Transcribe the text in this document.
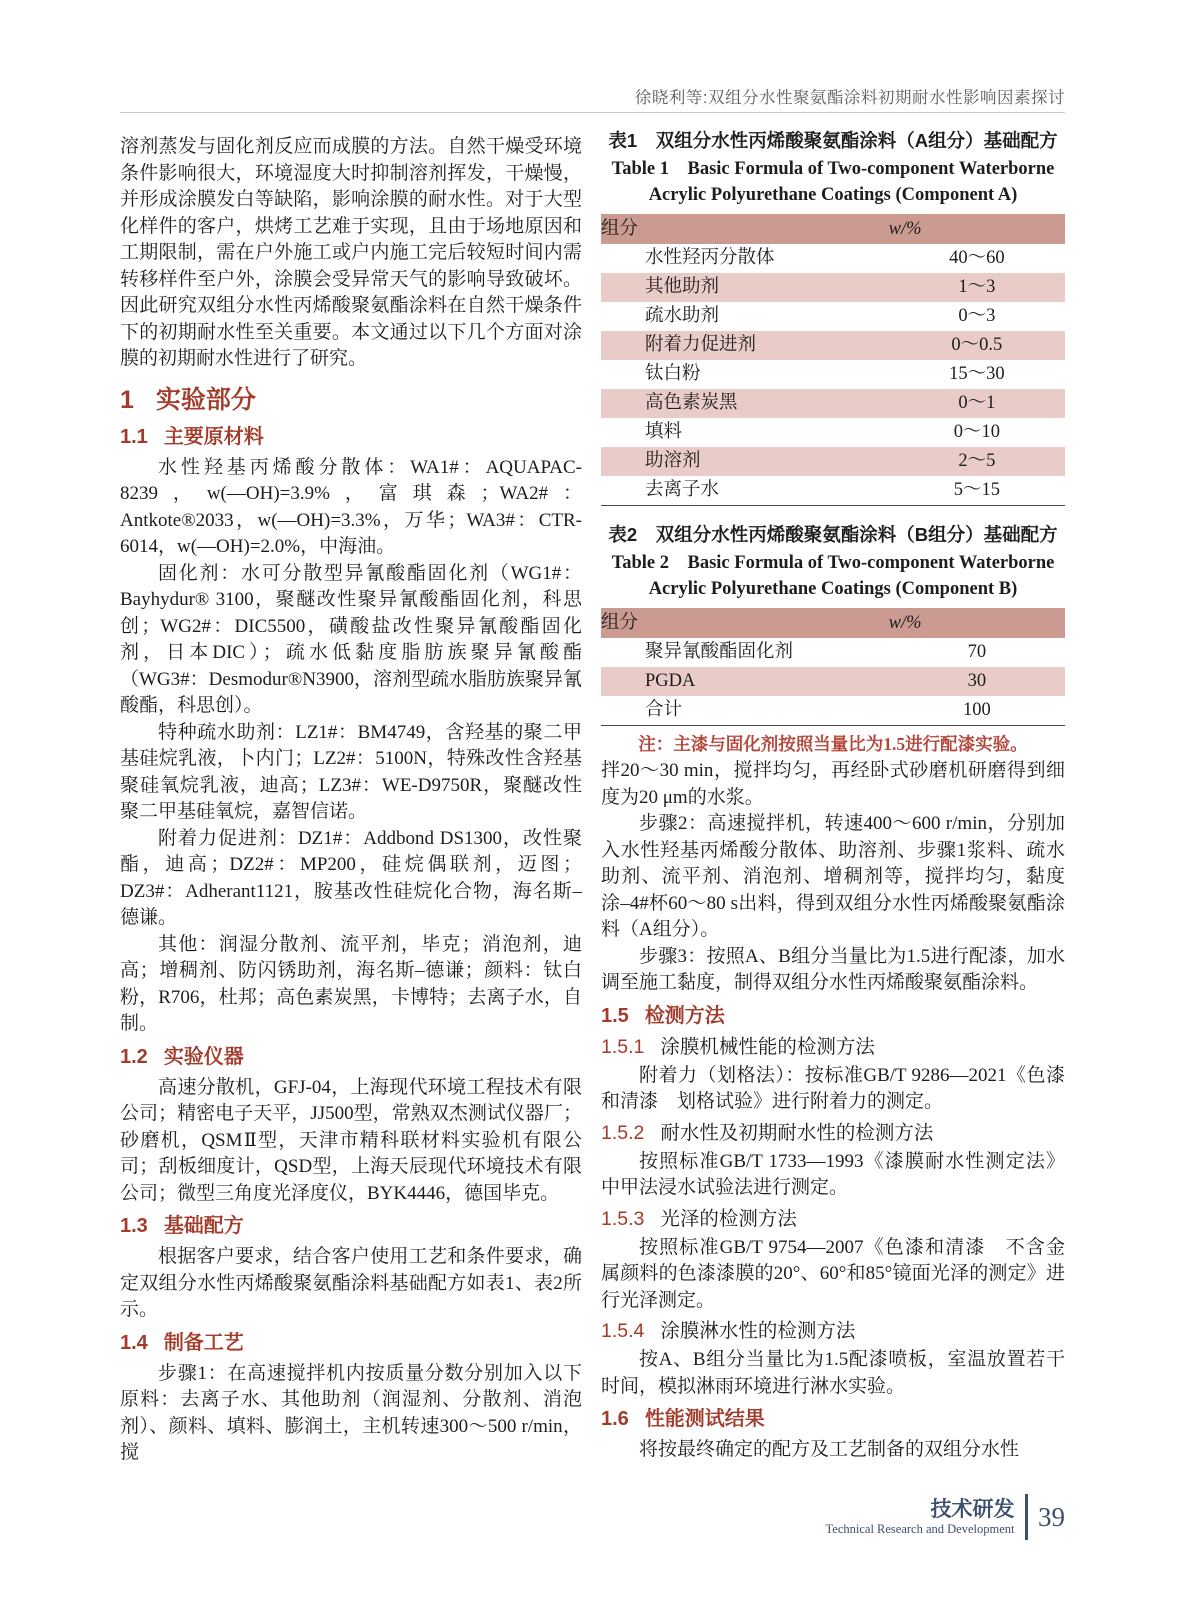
徐晓利等:双组分水性聚氨酯涂料初期耐水性影响因素探讨

溶剂蒸发与固化剂反应而成膜的方法。自然干燥受环境条件影响很大，环境湿度大时抑制溶剂挥发，干燥慢，并形成涂膜发白等缺陷，影响涂膜的耐水性。对于大型化样件的客户，烘烤工艺难于实现，且由于场地原因和工期限制，需在户外施工或户内施工完后较短时间内需转移样件至户外，涂膜会受异常天气的影响导致破坏。因此研究双组分水性丙烯酸聚氨酯涂料在自然干燥条件下的初期耐水性至关重要。本文通过以下几个方面对涂膜的初期耐水性进行了研究。

1 实验部分
1.1 主要原材料

水性羟基丙烯酸分散体：WA1#：AQUAPAC-8239，w(—OH)=3.9%，富琪森；WA2#：Antkote®2033，w(—OH)=3.3%，万华；WA3#：CTR-6014，w(—OH)=2.0%，中海油。

固化剂：水可分散型异氰酸酯固化剂（WG1#：Bayhydur® 3100，聚醚改性聚异氰酸酯固化剂，科思创；WG2#：DIC5500，磺酸盐改性聚异氰酸酯固化剂，日本DIC）；疏水低黏度脂肪族聚异氰酸酯（WG3#：Desmodur®N3900，溶剂型疏水脂肪族聚异氰酸酯，科思创）。

特种疏水助剂：LZ1#：BM4749，含羟基的聚二甲基硅烷乳液，卜内门；LZ2#：5100N，特殊改性含羟基聚硅氧烷乳液，迪高；LZ3#：WE-D9750R，聚醚改性聚二甲基硅氧烷，嘉智信诺。

附着力促进剂：DZ1#：Addbond DS1300，改性聚酯，迪高；DZ2#：MP200，硅烷偶联剂，迈图；DZ3#：Adherant1121，胺基改性硅烷化合物，海名斯–德谦。

其他：润湿分散剂、流平剂，毕克；消泡剂，迪高；增稠剂、防闪锈助剂，海名斯–德谦；颜料：钛白粉，R706，杜邦；高色素炭黑，卡博特；去离子水，自制。

1.2 实验仪器

高速分散机，GFJ-04，上海现代环境工程技术有限公司；精密电子天平，JJ500型，常熟双杰测试仪器厂；砂磨机，QSMⅡ型，天津市精科联材料实验机有限公司；刮板细度计，QSD型，上海天辰现代环境技术有限公司；微型三角度光泽度仪，BYK4446，德国毕克。

1.3 基础配方

根据客户要求，结合客户使用工艺和条件要求，确定双组分水性丙烯酸聚氨酯涂料基础配方如表1、表2所示。

1.4 制备工艺

步骤1：在高速搅拌机内按质量分数分别加入以下原料：去离子水、其他助剂（润湿剂、分散剂、消泡剂）、颜料、填料、膨润土，主机转速300～500 r/min，搅

表1　双组分水性丙烯酸聚氨酯涂料（A组分）基础配方

Table 1　Basic Formula of Two-component Waterborne Acrylic Polyurethane Coatings (Component A)

组分	w/%
水性羟丙分散体	40～60
其他助剂	1～3
疏水助剂	0～3
附着力促进剂	0～0.5
钛白粉	15～30
高色素炭黑	0～1
填料	0～10
助溶剂	2～5
去离子水	5～15

表2　双组分水性丙烯酸聚氨酯涂料（B组分）基础配方

Table 2　Basic Formula of Two-component Waterborne Acrylic Polyurethane Coatings (Component B)

组分	w/%
聚异氰酸酯固化剂	70
PGDA	30
合计	100

注：主漆与固化剂按照当量比为1.5进行配漆实验。

拌20～30 min，搅拌均匀，再经卧式砂磨机研磨得到细度为20 μm的水浆。

步骤2：高速搅拌机，转速400～600 r/min，分别加入水性羟基丙烯酸分散体、助溶剂、步骤1浆料、疏水助剂、流平剂、消泡剂、增稠剂等，搅拌均匀，黏度涂–4#杯60～80 s出料，得到双组分水性丙烯酸聚氨酯涂料（A组分）。

步骤3：按照A、B组分当量比为1.5进行配漆，加水调至施工黏度，制得双组分水性丙烯酸聚氨酯涂料。

1.5 检测方法
1.5.1 涂膜机械性能的检测方法

附着力（划格法）：按标准GB/T 9286—2021《色漆和清漆　划格试验》进行附着力的测定。

1.5.2 耐水性及初期耐水性的检测方法

按照标准GB/T 1733—1993《漆膜耐水性测定法》中甲法浸水试验法进行测定。

1.5.3 光泽的检测方法

按照标准GB/T 9754—2007《色漆和清漆　不含金属颜料的色漆漆膜的20°、60°和85°镜面光泽的测定》进行光泽测定。

1.5.4 涂膜淋水性的检测方法

按A、B组分当量比为1.5配漆喷板，室温放置若干时间，模拟淋雨环境进行淋水实验。

1.6 性能测试结果

将按最终确定的配方及工艺制备的双组分水性

技术研发
Technical Research and Development 39
